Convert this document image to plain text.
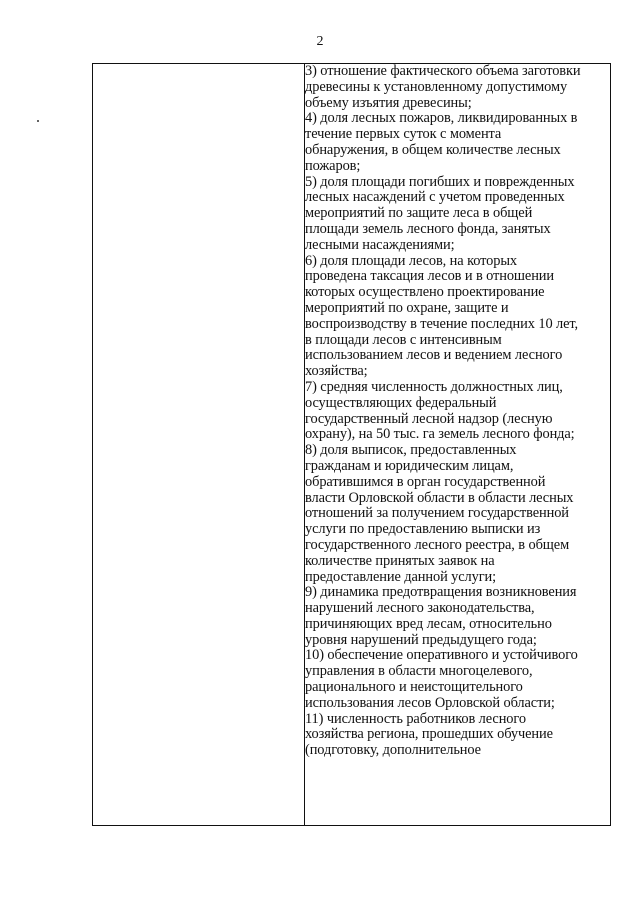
2

3) отношение фактического объема заготовки
древесины к установленному допустимому
объему изъятия древесины;
4) доля лесных пожаров, ликвидированных в
течение первых суток с момента
обнаружения, в общем количестве лесных
пожаров;
5) доля площади погибших и поврежденных
лесных насаждений с учетом проведенных
мероприятий по защите леса в общей
площади земель лесного фонда, занятых
лесными насаждениями;
6) доля площади лесов, на которых
проведена таксация лесов и в отношении
которых осуществлено проектирование
мероприятий по охране, защите и
воспроизводству в течение последних 10 лет,
в площади лесов с интенсивным
использованием лесов и ведением лесного
хозяйства;
7) средняя численность должностных лиц,
осуществляющих федеральный
государственный лесной надзор (лесную
охрану), на 50 тыс. га земель лесного фонда;
8) доля выписок, предоставленных
гражданам и юридическим лицам,
обратившимся в орган государственной
власти Орловской области в области лесных
отношений за получением государственной
услуги по предоставлению выписки из
государственного лесного реестра, в общем
количестве принятых заявок на
предоставление данной услуги;
9) динамика предотвращения возникновения
нарушений лесного законодательства,
причиняющих вред лесам, относительно
уровня нарушений предыдущего года;
10) обеспечение оперативного и устойчивого
управления в области многоцелевого,
рационального и неистощительного
использования лесов Орловской области;
11) численность работников лесного
хозяйства региона, прошедших обучение
(подготовку, дополнительное
